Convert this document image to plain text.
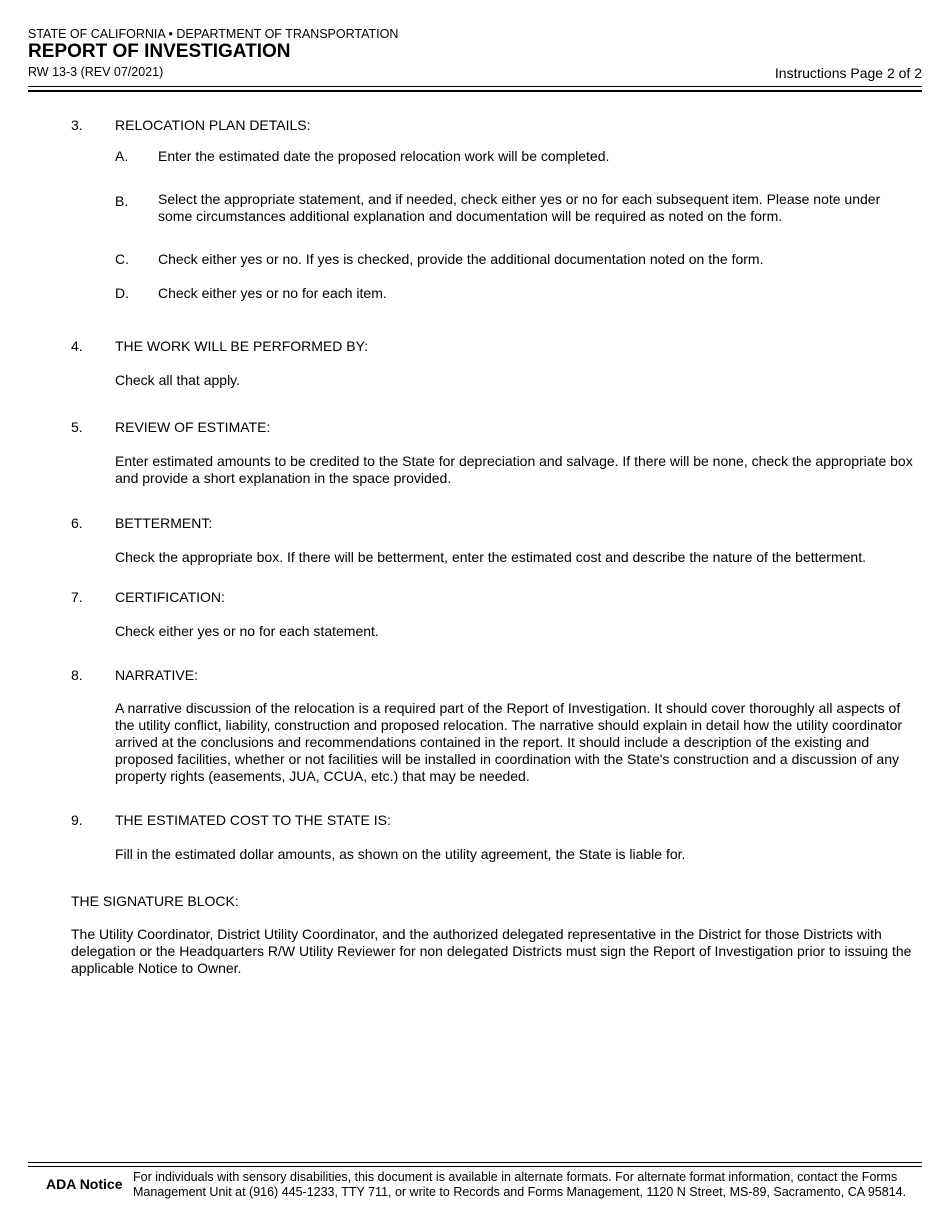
STATE OF CALIFORNIA • DEPARTMENT OF TRANSPORTATION
REPORT OF INVESTIGATION
RW 13-3 (REV 07/2021)	Instructions Page 2 of 2
3. RELOCATION PLAN DETAILS:
A. Enter the estimated date the proposed relocation work will be completed.
B. Select the appropriate statement, and if needed, check either yes or no for each subsequent item. Please note under some circumstances additional explanation and documentation will be required as noted on the form.
C. Check either yes or no. If yes is checked, provide the additional documentation noted on the form.
D. Check either yes or no for each item.
4. THE WORK WILL BE PERFORMED BY:
Check all that apply.
5. REVIEW OF ESTIMATE:
Enter estimated amounts to be credited to the State for depreciation and salvage. If there will be none, check the appropriate box and provide a short explanation in the space provided.
6. BETTERMENT:
Check the appropriate box. If there will be betterment, enter the estimated cost and describe the nature of the betterment.
7. CERTIFICATION:
Check either yes or no for each statement.
8. NARRATIVE:
A narrative discussion of the relocation is a required part of the Report of Investigation. It should cover thoroughly all aspects of the utility conflict, liability, construction and proposed relocation. The narrative should explain in detail how the utility coordinator arrived at the conclusions and recommendations contained in the report. It should include a description of the existing and proposed facilities, whether or not facilities will be installed in coordination with the State's construction and a discussion of any property rights (easements, JUA, CCUA, etc.) that may be needed.
9. THE ESTIMATED COST TO THE STATE IS:
Fill in the estimated dollar amounts, as shown on the utility agreement, the State is liable for.
THE SIGNATURE BLOCK:
The Utility Coordinator, District Utility Coordinator, and the authorized delegated representative in the District for those Districts with delegation or the Headquarters R/W Utility Reviewer for non delegated Districts must sign the Report of Investigation prior to issuing the applicable Notice to Owner.
ADA Notice For individuals with sensory disabilities, this document is available in alternate formats. For alternate format information, contact the Forms Management Unit at (916) 445-1233, TTY 711, or write to Records and Forms Management, 1120 N Street, MS-89, Sacramento, CA 95814.
